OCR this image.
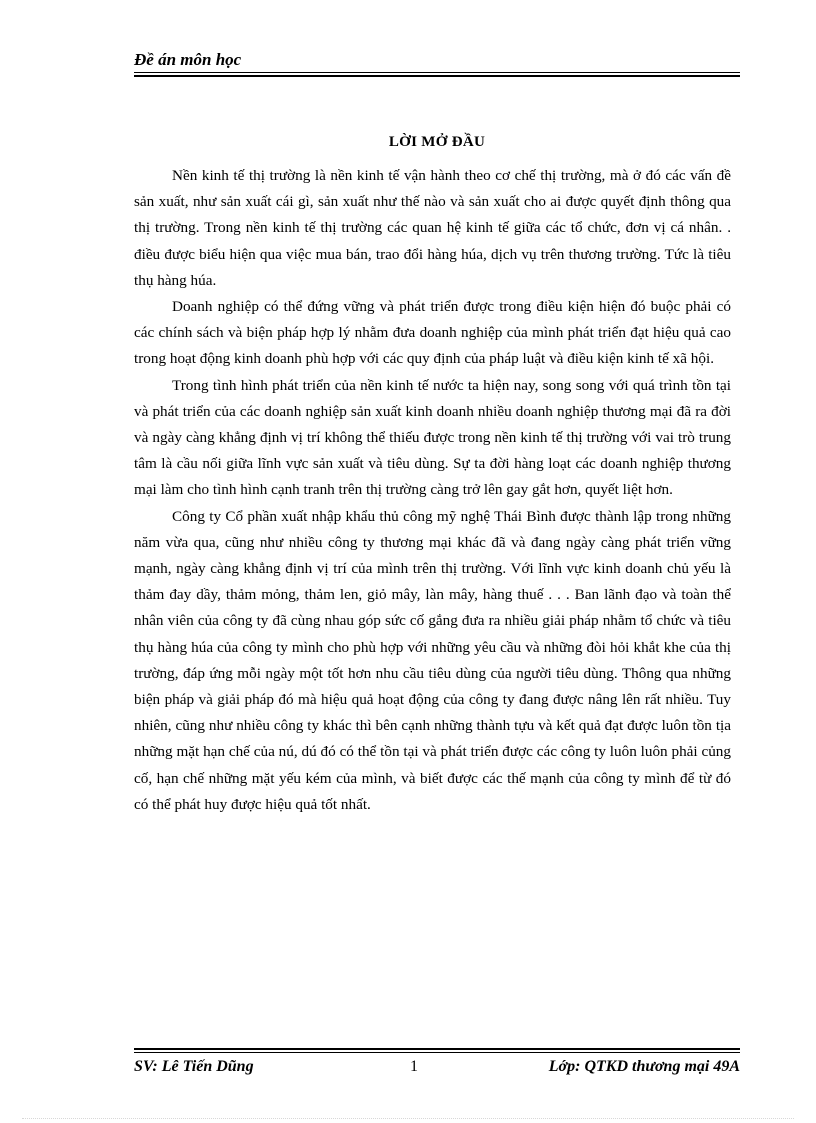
Đề án môn học
LỜI MỞ ĐẦU

Nền kinh tế thị trường là nền kinh tế vận hành theo cơ chế thị trường, mà ở đó các vấn đề sản xuất, như sản xuất cái gì, sản xuất như thế nào và sản xuất cho ai được quyết định thông qua thị trường. Trong nền kinh tế thị trường các quan hệ kinh tế giữa các tổ chức, đơn vị cá nhân. . điều được biểu hiện qua việc mua bán, trao đổi hàng húa, dịch vụ trên thương trường. Tức là tiêu thụ hàng húa.

Doanh nghiệp có thể đứng vững và phát triển được trong điều kiện hiện đó buộc phải có các chính sách và biện pháp hợp lý nhằm đưa doanh nghiệp của mình phát triển đạt hiệu quả cao trong hoạt động kinh doanh phù hợp với các quy định của pháp luật và điều kiện kinh tế xã hội.

Trong tình hình phát triển của nền kinh tế nước ta hiện nay, song song với quá trình tồn tại và phát triển của các doanh nghiệp sản xuất kinh doanh nhiều doanh nghiệp thương mại đã ra đời và ngày càng khẳng định vị trí không thể thiếu được trong nền kinh tế thị trường với vai trò trung tâm là cầu nối giữa lĩnh vực sản xuất và tiêu dùng. Sự ta đời hàng loạt các doanh nghiệp thương mại làm cho tình hình cạnh tranh trên thị trường càng trở lên gay gắt hơn, quyết liệt hơn.

Công ty Cổ phần xuất nhập khẩu thủ công mỹ nghệ Thái Bình được thành lập trong những năm vừa qua, cũng như nhiều công ty thương mại khác đã và đang ngày càng phát triển vững mạnh, ngày càng khẳng định vị trí của mình trên thị trường. Với lĩnh vực kinh doanh chủ yếu là thảm đay dầy, thảm mỏng, thảm len, giỏ mây, làn mây, hàng thuế . . . Ban lãnh đạo và toàn thể nhân viên của công ty đã cùng nhau góp sức cố gắng đưa ra nhiều giải pháp nhằm tổ chức và tiêu thụ hàng húa của công ty mình cho phù hợp với những yêu cầu và những đòi hỏi khắt khe của thị trường, đáp ứng mỗi ngày một tốt hơn nhu cầu tiêu dùng của người tiêu dùng. Thông qua những biện pháp và giải pháp đó mà hiệu quả hoạt động của công ty đang được nâng lên rất nhiều. Tuy nhiên, cũng như nhiều công ty khác thì bên cạnh những thành tựu và kết quả đạt được luôn tồn tịa những mặt hạn chế của nú, dú đó có thể tồn tại và phát triển được các công ty luôn luôn phải củng cố, hạn chế những mặt yếu kém của mình, và biết được các thế mạnh của công ty mình để từ đó có thể phát huy được hiệu quả tốt nhất.

SV: Lê Tiến Dũng	1	Lớp: QTKD thương mại 49A
